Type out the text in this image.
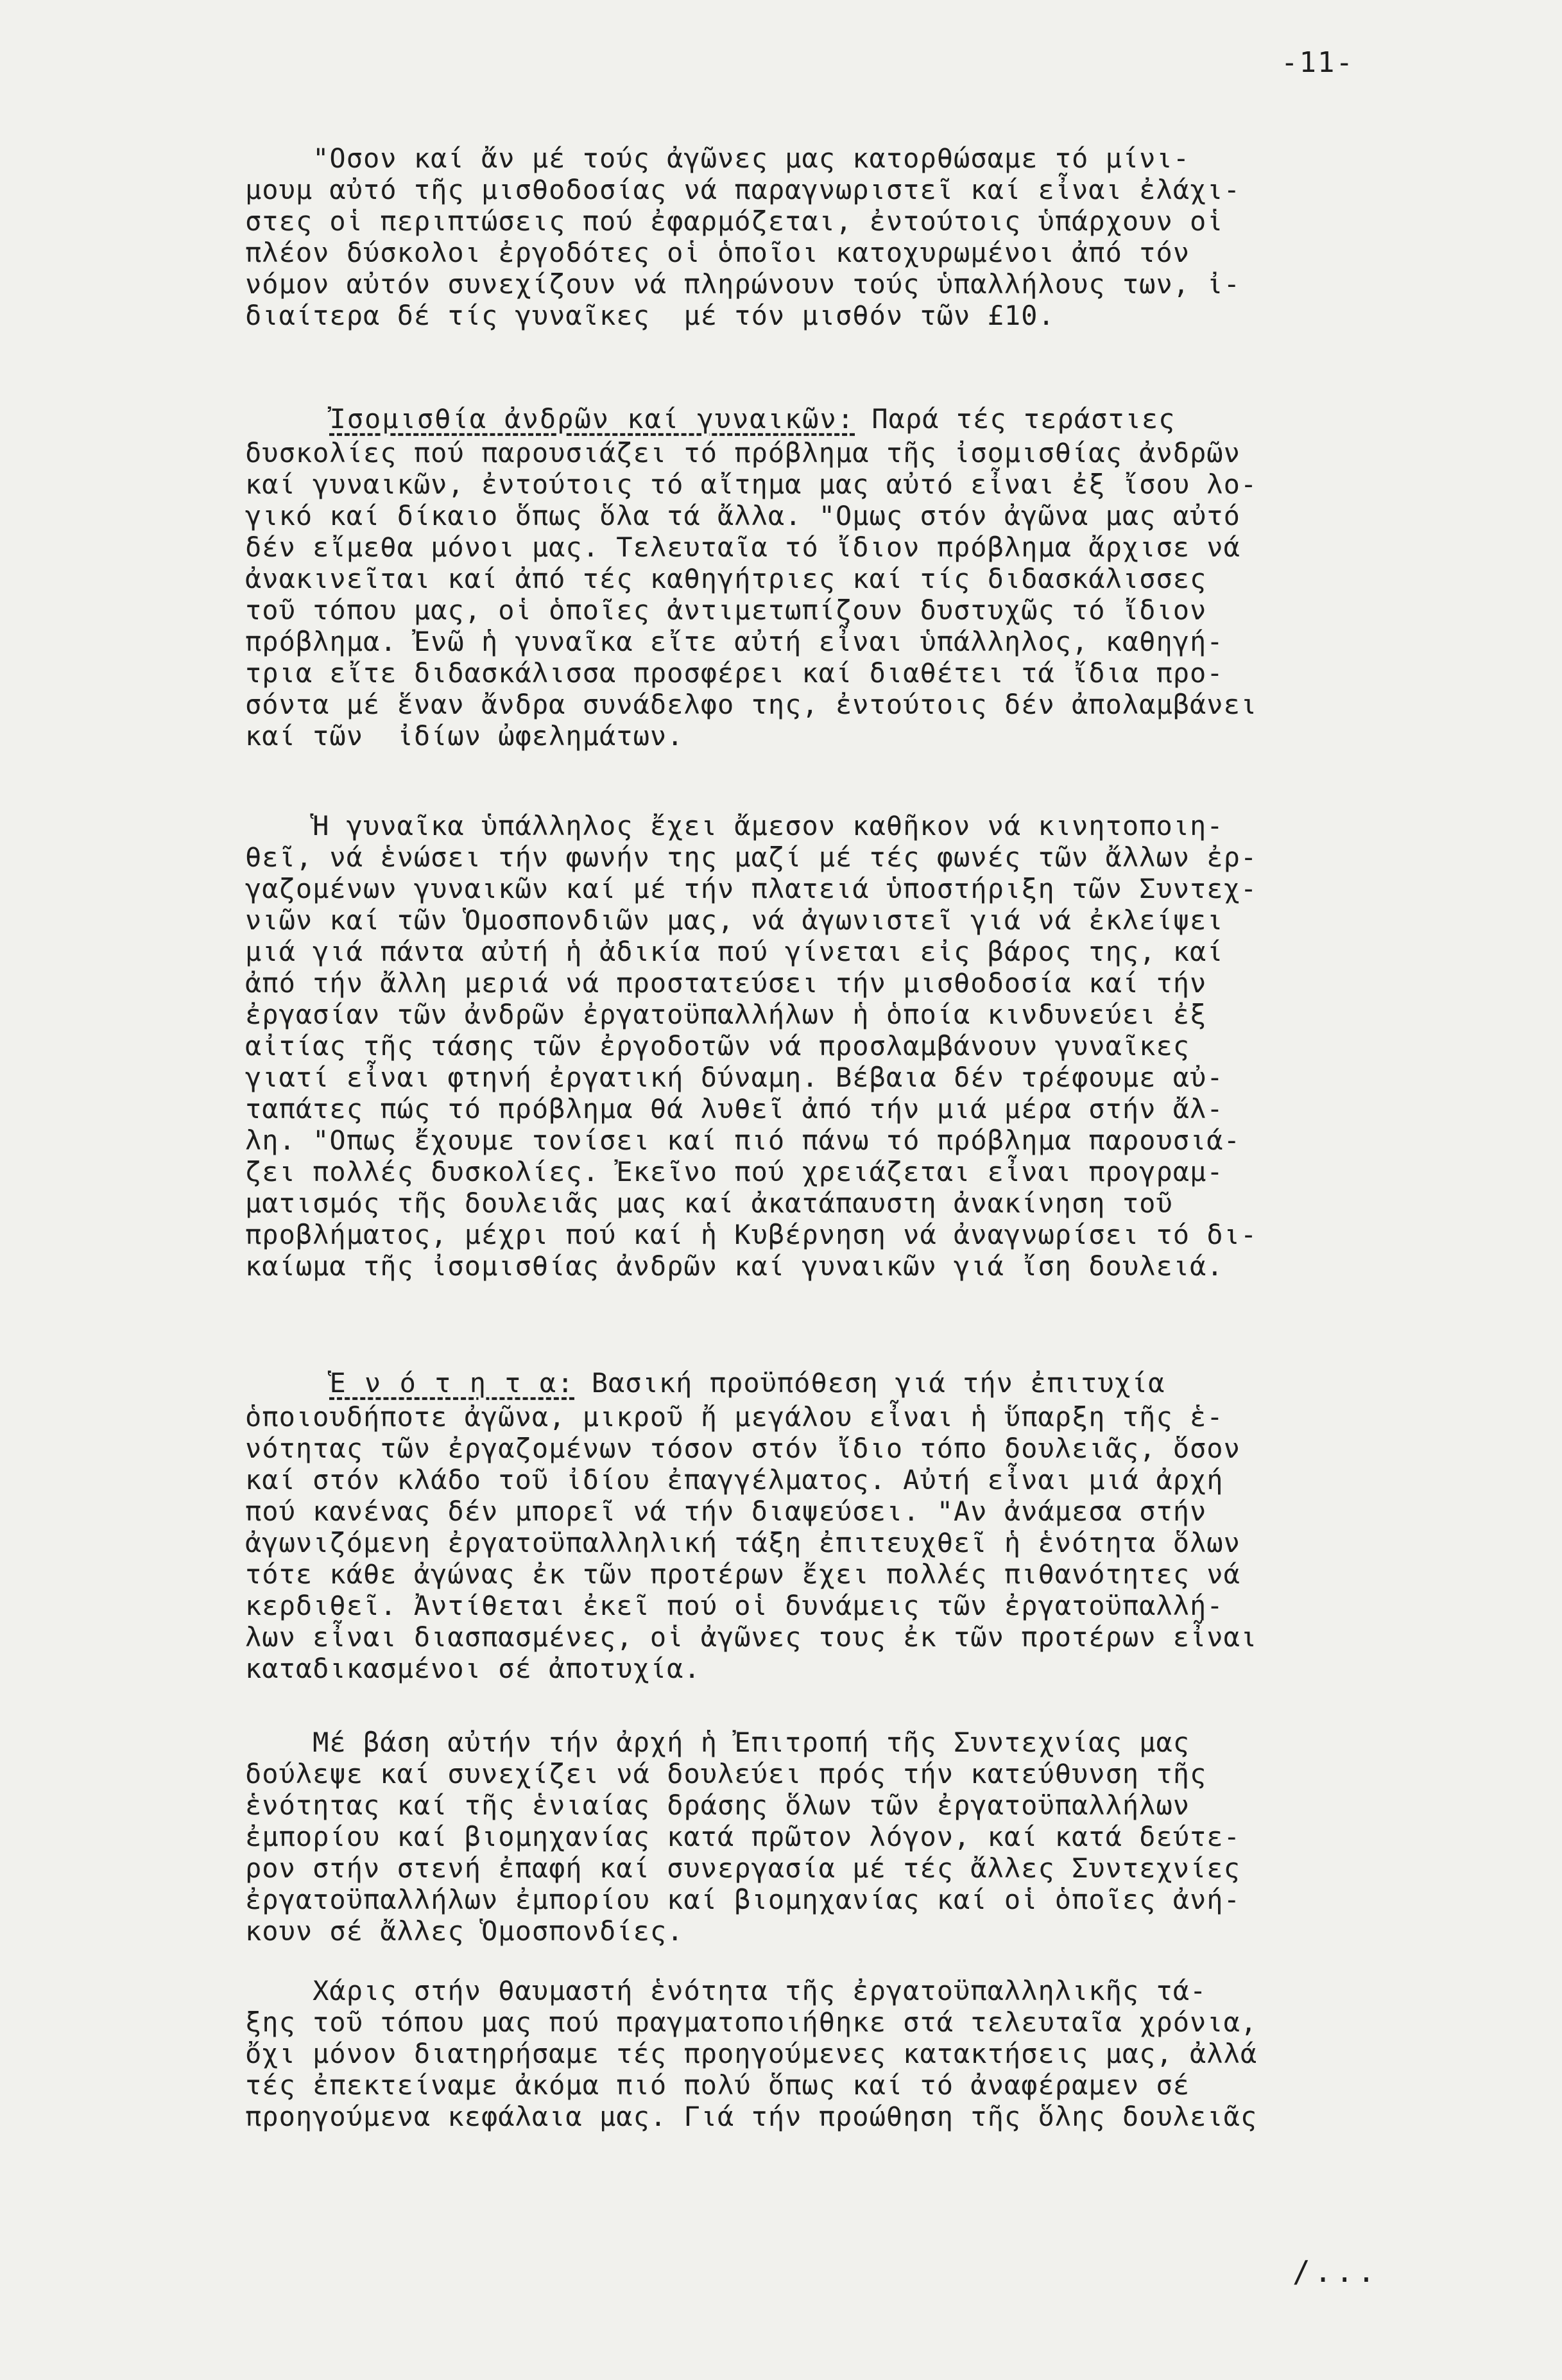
-11-
"Οσον καί ἄν μέ τούς ἀγῶνες μας κατορθώσαμε τό μίνι-
μουμ αὐτό τῆς μισθοδοσίας νά παραγνωριστεῖ καί εἶναι ἐλάχι-
στες οἱ περιπτώσεις πού ἐφαρμόζεται, ἐντούτοις ὑπάρχουν οἱ
πλέον δύσκολοι ἐργοδότες οἱ ὁποῖοι κατοχυρωμένοι ἀπό τόν
νόμον αὐτόν συνεχίζουν νά πληρώνουν τούς ὑπαλλήλους των, ἰ-
διαίτερα δέ τίς γυναῖκες  μέ τόν μισθόν τῶν £10.
Ἰσομισθία ἀνδρῶν καί γυναικῶν: Παρά τές τεράστιες
δυσκολίες πού παρουσιάζει τό πρόβλημα τῆς ἰσομισθίας ἀνδρῶν
καί γυναικῶν, ἐντούτοις τό αἴτημα μας αὐτό εἶναι ἐξ ἴσου λο-
γικό καί δίκαιο ὅπως ὅλα τά ἄλλα. "Ομως στόν ἀγῶνα μας αὐτό
δέν εἴμεθα μόνοι μας. Τελευταῖα τό ἴδιον πρόβλημα ἄρχισε νά
ἀνακινεῖται καί ἀπό τές καθηγήτριες καί τίς διδασκάλισσες
τοῦ τόπου μας, οἱ ὁποῖες ἀντιμετωπίζουν δυστυχῶς τό ἴδιον
πρόβλημα. Ἐνῶ ἡ γυναῖκα εἴτε αὐτή εἶναι ὑπάλληλος, καθηγή-
τρια εἴτε διδασκάλισσα προσφέρει καί διαθέτει τά ἴδια προ-
σόντα μέ ἕναν ἄνδρα συνάδελφο της, ἐντούτοις δέν ἀπολαμβάνει
καί τῶν  ἰδίων ὠφελημάτων.
Ἡ γυναῖκα ὑπάλληλος ἔχει ἄμεσον καθῆκον νά κινητοποιη-
θεῖ, νά ἑνώσει τήν φωνήν της μαζί μέ τές φωνές τῶν ἄλλων ἐρ-
γαζομένων γυναικῶν καί μέ τήν πλατειά ὑποστήριξη τῶν Συντεχ-
νιῶν καί τῶν Ὁμοσπονδιῶν μας, νά ἀγωνιστεῖ γιά νά ἐκλείψει
μιά γιά πάντα αὐτή ἡ ἀδικία πού γίνεται εἰς βάρος της, καί
ἀπό τήν ἄλλη μεριά νά προστατεύσει τήν μισθοδοσία καί τήν
ἐργασίαν τῶν ἀνδρῶν ἐργατοϋπαλλήλων ἡ ὁποία κινδυνεύει ἐξ
αἰτίας τῆς τάσης τῶν ἐργοδοτῶν νά προσλαμβάνουν γυναῖκες
γιατί εἶναι φτηνή ἐργατική δύναμη. Βέβαια δέν τρέφουμε αὐ-
ταπάτες πώς τό πρόβλημα θά λυθεῖ ἀπό τήν μιά μέρα στήν ἄλ-
λη. "Οπως ἔχουμε τονίσει καί πιό πάνω τό πρόβλημα παρουσιά-
ζει πολλές δυσκολίες. Ἐκεῖνο πού χρειάζεται εἶναι προγραμ-
ματισμός τῆς δουλειᾶς μας καί ἀκατάπαυστη ἀνακίνηση τοῦ
προβλήματος, μέχρι πού καί ἡ Κυβέρνηση νά ἀναγνωρίσει τό δι-
καίωμα τῆς ἰσομισθίας ἀνδρῶν καί γυναικῶν γιά ἴση δουλειά.
Ἑ ν ό τ η τ α: Βασική προϋπόθεση γιά τήν ἐπιτυχία
ὁποιουδήποτε ἀγῶνα, μικροῦ ἤ μεγάλου εἶναι ἡ ὕπαρξη τῆς ἑ-
νότητας τῶν ἐργαζομένων τόσον στόν ἴδιο τόπο δουλειᾶς, ὅσον
καί στόν κλάδο τοῦ ἰδίου ἐπαγγέλματος. Αὐτή εἶναι μιά ἀρχή
πού κανένας δέν μπορεῖ νά τήν διαψεύσει. "Αν ἀνάμεσα στήν
ἀγωνιζόμενη ἐργατοϋπαλληλική τάξη ἐπιτευχθεῖ ἡ ἑνότητα ὅλων
τότε κάθε ἀγώνας ἐκ τῶν προτέρων ἔχει πολλές πιθανότητες νά
κερδιθεῖ. Ἀντίθεται ἐκεῖ πού οἱ δυνάμεις τῶν ἐργατοϋπαλλή-
λων εἶναι διασπασμένες, οἱ ἀγῶνες τους ἐκ τῶν προτέρων εἶναι
καταδικασμένοι σέ ἀποτυχία.
Μέ βάση αὐτήν τήν ἀρχή ἡ Ἐπιτροπή τῆς Συντεχνίας μας
δούλεψε καί συνεχίζει νά δουλεύει πρός τήν κατεύθυνση τῆς
ἑνότητας καί τῆς ἑνιαίας δράσης ὅλων τῶν ἐργατοϋπαλλήλων
ἐμπορίου καί βιομηχανίας κατά πρῶτον λόγον, καί κατά δεύτε-
ρον στήν στενή ἐπαφή καί συνεργασία μέ τές ἄλλες Συντεχνίες
ἐργατοϋπαλλήλων ἐμπορίου καί βιομηχανίας καί οἱ ὁποῖες ἀνή-
κουν σέ ἄλλες Ὁμοσπονδίες.
Χάρις στήν θαυμαστή ἑνότητα τῆς ἐργατοϋπαλληλικῆς τά-
ξης τοῦ τόπου μας πού πραγματοποιήθηκε στά τελευταῖα χρόνια,
ὄχι μόνον διατηρήσαμε τές προηγούμενες κατακτήσεις μας, ἀλλά
τές ἐπεκτείναμε ἀκόμα πιό πολύ ὅπως καί τό ἀναφέραμεν σέ
προηγούμενα κεφάλαια μας. Γιά τήν προώθηση τῆς ὅλης δουλειᾶς
/...
